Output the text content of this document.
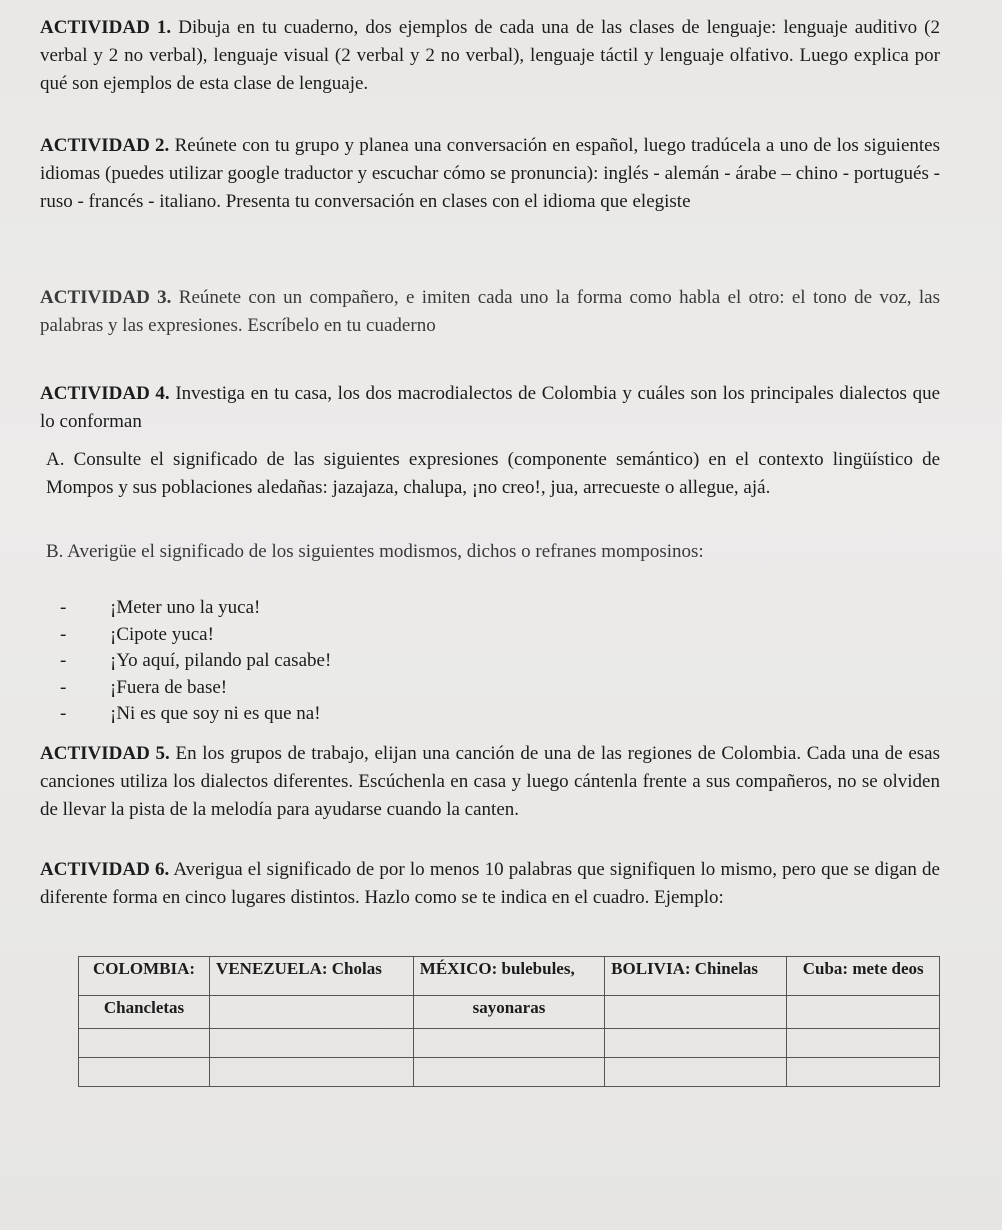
ACTIVIDAD 1. Dibuja en tu cuaderno, dos ejemplos de cada una de las clases de lenguaje: lenguaje auditivo (2 verbal y 2 no verbal), lenguaje visual (2 verbal y 2 no verbal), lenguaje táctil y lenguaje olfativo. Luego explica por qué son ejemplos de esta clase de lenguaje.
ACTIVIDAD 2. Reúnete con tu grupo y planea una conversación en español, luego tradúcela a uno de los siguientes idiomas (puedes utilizar google traductor y escuchar cómo se pronuncia): inglés - alemán - árabe – chino - portugués - ruso - francés - italiano. Presenta tu conversación en clases con el idioma que elegiste
ACTIVIDAD 3. Reúnete con un compañero, e imiten cada uno la forma como habla el otro: el tono de voz, las palabras y las expresiones. Escríbelo en tu cuaderno
ACTIVIDAD 4. Investiga en tu casa, los dos macrodialectos de Colombia y cuáles son los principales dialectos que lo conforman
A. Consulte el significado de las siguientes expresiones (componente semántico) en el contexto lingüístico de Mompos y sus poblaciones aledañas: jazajaza, chalupa, ¡no creo!, jua, arrecueste o allegue, ajá.
B. Averigüe el significado de los siguientes modismos, dichos o refranes momposinos:
- ¡Meter uno la yuca!
- ¡Cipote yuca!
- ¡Yo aquí, pilando pal casabe!
- ¡Fuera de base!
- ¡Ni es que soy ni es que na!
ACTIVIDAD 5. En los grupos de trabajo, elijan una canción de una de las regiones de Colombia. Cada una de esas canciones utiliza los dialectos diferentes. Escúchenla en casa y luego cántenla frente a sus compañeros, no se olviden de llevar la pista de la melodía para ayudarse cuando la canten.
ACTIVIDAD 6. Averigua el significado de por lo menos 10 palabras que signifiquen lo mismo, pero que se digan de diferente forma en cinco lugares distintos. Hazlo como se te indica en el cuadro. Ejemplo:
COLOMBIA:	VENEZUELA: Cholas	MÉXICO: bulebules,	BOLIVIA: Chinelas	Cuba: mete deos
Chancletas		sayonaras		
